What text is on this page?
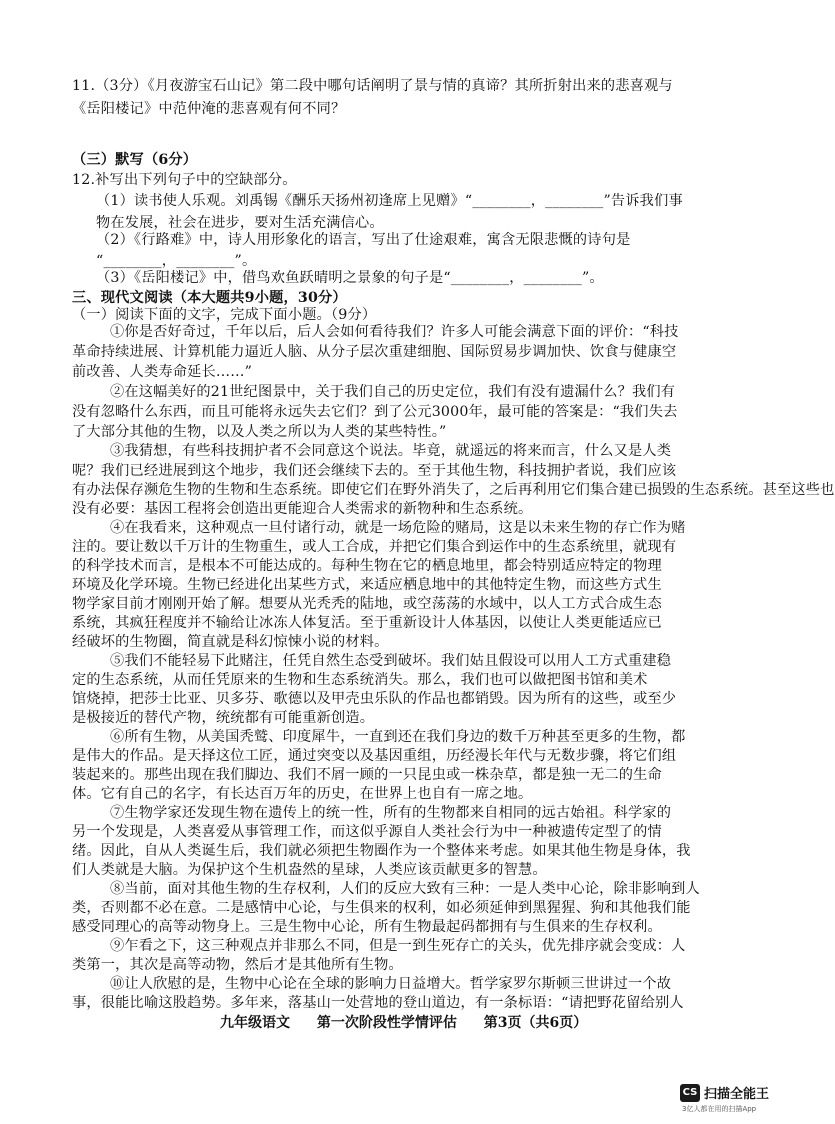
11.（3分）《月夜游宝石山记》第二段中哪句话阐明了景与情的真谛？其所折射出来的悲喜观与
《岳阳楼记》中范仲淹的悲喜观有何不同？
（三）默写（6分）
12.补写出下列句子中的空缺部分。
（1）读书使人乐观。刘禹锡《酬乐天扬州初逢席上见赠》“________，________”告诉我们事
物在发展，社会在进步，要对生活充满信心。
（2）《行路难》中，诗人用形象化的语言，写出了仕途艰难，寓含无限悲慨的诗句是
“________，________”。
（3）《岳阳楼记》中，借鸟欢鱼跃晴明之景象的句子是“________，________”。
三、现代文阅读（本大题共9小题，30分）
（一）阅读下面的文字，完成下面小题。（9分）
①你是否好奇过，千年以后，后人会如何看待我们？许多人可能会满意下面的评价：“科技
革命持续进展、计算机能力逼近人脑、从分子层次重建细胞、国际贸易步调加快、饮食与健康空
前改善、人类寿命延长……”
②在这幅美好的21世纪图景中，关于我们自己的历史定位，我们有没有遗漏什么？我们有
没有忽略什么东西，而且可能将永远失去它们？到了公元3000年，最可能的答案是：“我们失去
了大部分其他的生物，以及人类之所以为人类的某些特性。”
③我猜想，有些科技拥护者不会同意这个说法。毕竟，就遥远的将来而言，什么又是人类
呢？我们已经进展到这个地步，我们还会继续下去的。至于其他生物，科技拥护者说，我们应该
有办法保存濒危生物的生物和生态系统。即使它们在野外消失了，之后再利用它们集合建已损毁的生态系统。甚至这些也
没有必要：基因工程将会创造出更能迎合人类需求的新物种和生态系统。
④在我看来，这种观点一旦付诸行动，就是一场危险的赌局，这是以未来生物的存亡作为赌
注的。要让数以千万计的生物重生，或人工合成，并把它们集合到运作中的生态系统里，就现有
的科学技术而言，是根本不可能达成的。每种生物在它的栖息地里，都会特别适应特定的物理
环境及化学环境。生物已经进化出某些方式，来适应栖息地中的其他特定生物，而这些方式生
物学家目前才刚刚开始了解。想要从光秃秃的陆地，或空荡荡的水域中，以人工方式合成生态
系统，其疯狂程度并不输给让冰冻人体复活。至于重新设计人体基因，以使让人类更能适应已
经破坏的生物圈，简直就是科幻惊悚小说的材料。
⑤我们不能轻易下此赌注，任凭自然生态受到破坏。我们姑且假设可以用人工方式重建稳
定的生态系统，从而任凭原来的生物和生态系统消失。那么，我们也可以做把图书馆和美术
馆烧掉，把莎士比亚、贝多芬、歌德以及甲壳虫乐队的作品也都销毁。因为所有的这些，或至少
是极接近的替代产物，统统都有可能重新创造。
⑥所有生物，从美国秃鹫、印度犀牛，一直到还在我们身边的数千万种甚至更多的生物，都
是伟大的作品。是天择这位工匠，通过突变以及基因重组，历经漫长年代与无数步骤，将它们组
装起来的。那些出现在我们脚边、我们不屑一顾的一只昆虫或一株杂草，都是独一无二的生命
体。它有自己的名字，有长达百万年的历史，在世界上也自有一席之地。
⑦生物学家还发现生物在遗传上的统一性，所有的生物都来自相同的远古始祖。科学家的
另一个发现是，人类喜爱从事管理工作，而这似乎源自人类社会行为中一种被遗传定型了的情
绪。因此，自从人类诞生后，我们就必须把生物圈作为一个整体来考虑。如果其他生物是身体，我
们人类就是大脑。为保护这个生机盎然的星球，人类应该贡献更多的智慧。
⑧当前，面对其他生物的生存权利，人们的反应大致有三种：一是人类中心论，除非影响到人
类，否则都不必在意。二是感情中心论，与生俱来的权利，如必须延伸到黑猩猩、狗和其他我们能
感受同理心的高等动物身上。三是生物中心论，所有生物最起码都拥有与生俱来的生存权利。
⑨乍看之下，这三种观点并非那么不同，但是一到生死存亡的关头，优先排序就会变成：人
类第一，其次是高等动物，然后才是其他所有生物。
⑩让人欣慰的是，生物中心论在全球的影响力日益增大。哲学家罗尔斯顿三世讲过一个故
事，很能比喻这股趋势。多年来，落基山一处营地的登山道边，有一条标语：“请把野花留给别人
九年级语文 第一次阶段性学情评估 第3页（共6页）
CS 扫描全能王
3亿人都在用的扫描App
